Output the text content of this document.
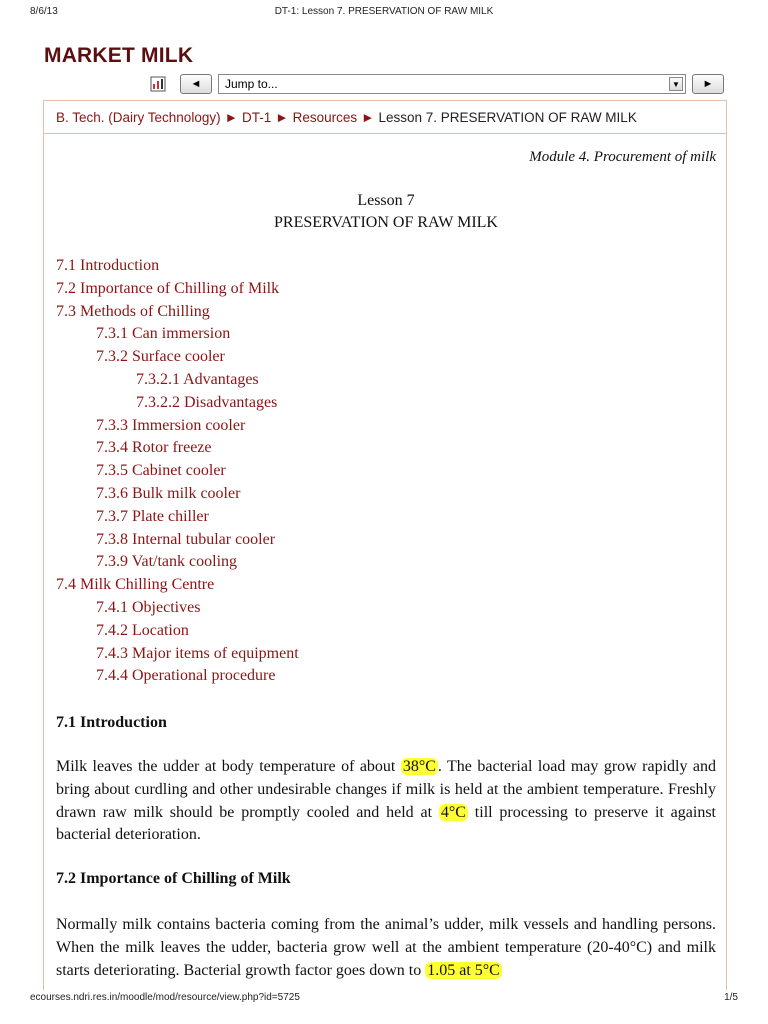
8/6/13	DT-1: Lesson 7. PRESERVATION OF RAW MILK
MARKET MILK
◄	Jump to...	▼	►
B. Tech. (Dairy Technology) ► DT-1 ► Resources ► Lesson 7. PRESERVATION OF RAW MILK
Module 4. Procurement of milk
Lesson 7
PRESERVATION OF RAW MILK
7.1 Introduction
7.2 Importance of Chilling of Milk
7.3 Methods of Chilling
7.3.1 Can immersion
7.3.2 Surface cooler
7.3.2.1 Advantages
7.3.2.2 Disadvantages
7.3.3 Immersion cooler
7.3.4 Rotor freeze
7.3.5 Cabinet cooler
7.3.6 Bulk milk cooler
7.3.7 Plate chiller
7.3.8 Internal tubular cooler
7.3.9 Vat/tank cooling
7.4 Milk Chilling Centre
7.4.1 Objectives
7.4.2 Location
7.4.3 Major items of equipment
7.4.4 Operational procedure
7.1 Introduction
Milk leaves the udder at body temperature of about 38°C . The bacterial load may grow rapidly and bring about curdling and other undesirable changes if milk is held at the ambient temperature. Freshly drawn raw milk should be promptly cooled and held at 4°C till processing to preserve it against bacterial deterioration.
7.2 Importance of Chilling of Milk
Normally milk contains bacteria coming from the animal’s udder, milk vessels and handling persons. When the milk leaves the udder, bacteria grow well at the ambient temperature (20-40°C) and milk starts deteriorating. Bacterial growth factor goes down to 1.05 at 5°C
ecourses.ndri.res.in/moodle/mod/resource/view.php?id=5725	1/5
